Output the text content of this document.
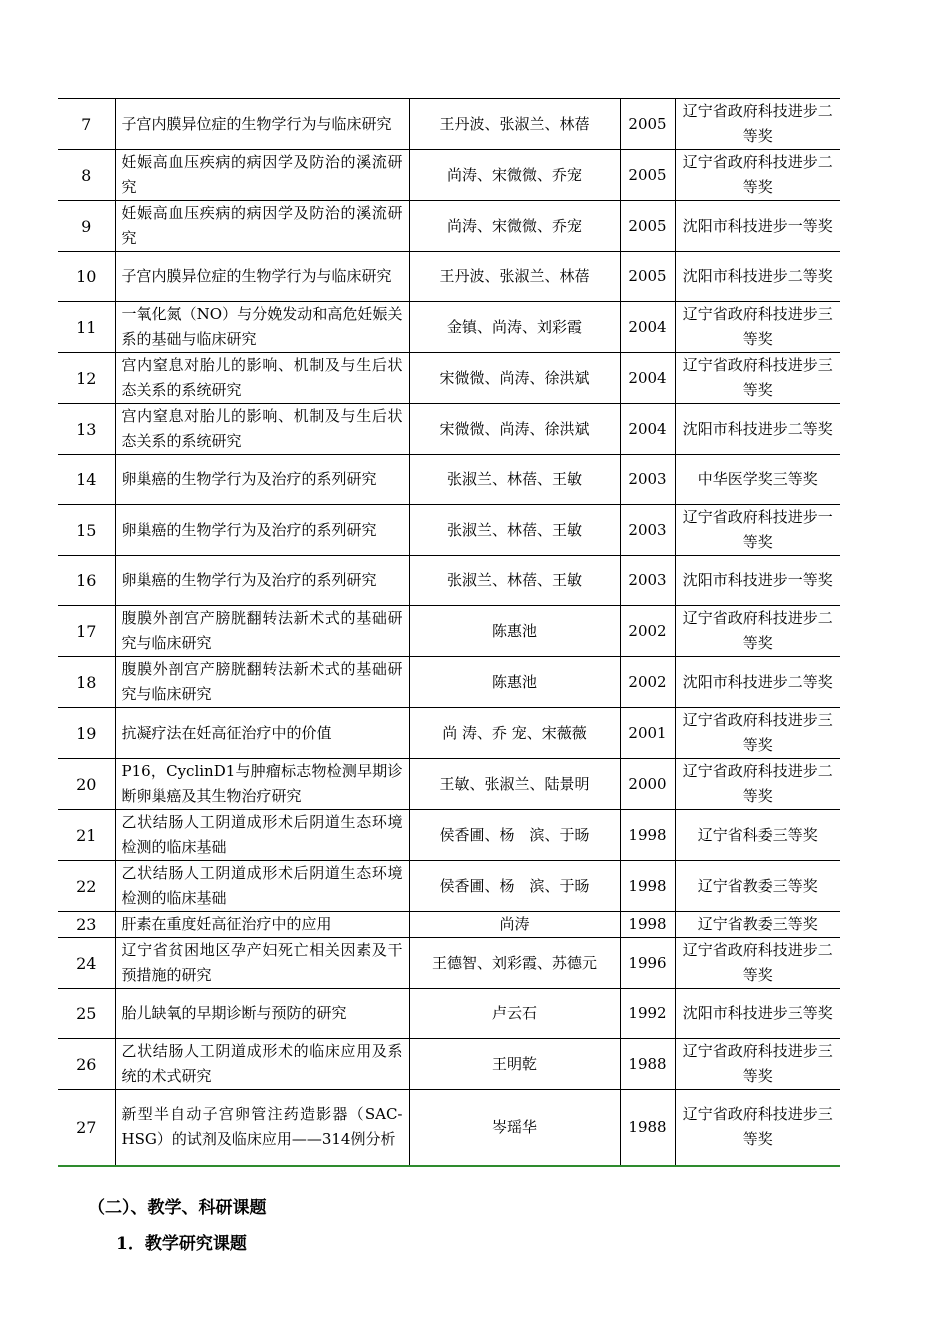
7	子宫内膜异位症的生物学行为与临床研究	王丹波、张淑兰、林蓓	2005	辽宁省政府科技进步二等奖
8	妊娠高血压疾病的病因学及防治的溪流研究	尚涛、宋微微、乔宠	2005	辽宁省政府科技进步二等奖
9	妊娠高血压疾病的病因学及防治的溪流研究	尚涛、宋微微、乔宠	2005	沈阳市科技进步一等奖
10	子宫内膜异位症的生物学行为与临床研究	王丹波、张淑兰、林蓓	2005	沈阳市科技进步二等奖
11	一氧化氮（NO）与分娩发动和高危妊娠关系的基础与临床研究	金镇、尚涛、刘彩霞	2004	辽宁省政府科技进步三等奖
12	宫内窒息对胎儿的影响、机制及与生后状态关系的系统研究	宋微微、尚涛、徐洪斌	2004	辽宁省政府科技进步三等奖
13	宫内窒息对胎儿的影响、机制及与生后状态关系的系统研究	宋微微、尚涛、徐洪斌	2004	沈阳市科技进步二等奖
14	卵巢癌的生物学行为及治疗的系列研究	张淑兰、林蓓、王敏	2003	中华医学奖三等奖
15	卵巢癌的生物学行为及治疗的系列研究	张淑兰、林蓓、王敏	2003	辽宁省政府科技进步一等奖
16	卵巢癌的生物学行为及治疗的系列研究	张淑兰、林蓓、王敏	2003	沈阳市科技进步一等奖
17	腹膜外剖宫产膀胱翻转法新术式的基础研究与临床研究	陈惠池	2002	辽宁省政府科技进步二等奖
18	腹膜外剖宫产膀胱翻转法新术式的基础研究与临床研究	陈惠池	2002	沈阳市科技进步二等奖
19	抗凝疗法在妊高征治疗中的价值	尚 涛、乔 宠、宋薇薇	2001	辽宁省政府科技进步三等奖
20	P16，CyclinD1与肿瘤标志物检测早期诊断卵巢癌及其生物治疗研究	王敏、张淑兰、陆景明	2000	辽宁省政府科技进步二等奖
21	乙状结肠人工阴道成形术后阴道生态环境检测的临床基础	侯香圃、杨　滨、于旸	1998	辽宁省科委三等奖
22	乙状结肠人工阴道成形术后阴道生态环境检测的临床基础	侯香圃、杨　滨、于旸	1998	辽宁省教委三等奖
23	肝素在重度妊高征治疗中的应用	尚涛	1998	辽宁省教委三等奖
24	辽宁省贫困地区孕产妇死亡相关因素及干预措施的研究	王德智、刘彩霞、苏德元	1996	辽宁省政府科技进步二等奖
25	胎儿缺氧的早期诊断与预防的研究	卢云石	1992	沈阳市科技进步三等奖
26	乙状结肠人工阴道成形术的临床应用及系统的术式研究	王明乾	1988	辽宁省政府科技进步三等奖
27	新型半自动子宫卵管注药造影器（SAC-HSG）的试剂及临床应用——314例分析	岑瑶华	1988	辽宁省政府科技进步三等奖
（二）、教学、科研课题
1．教学研究课题
